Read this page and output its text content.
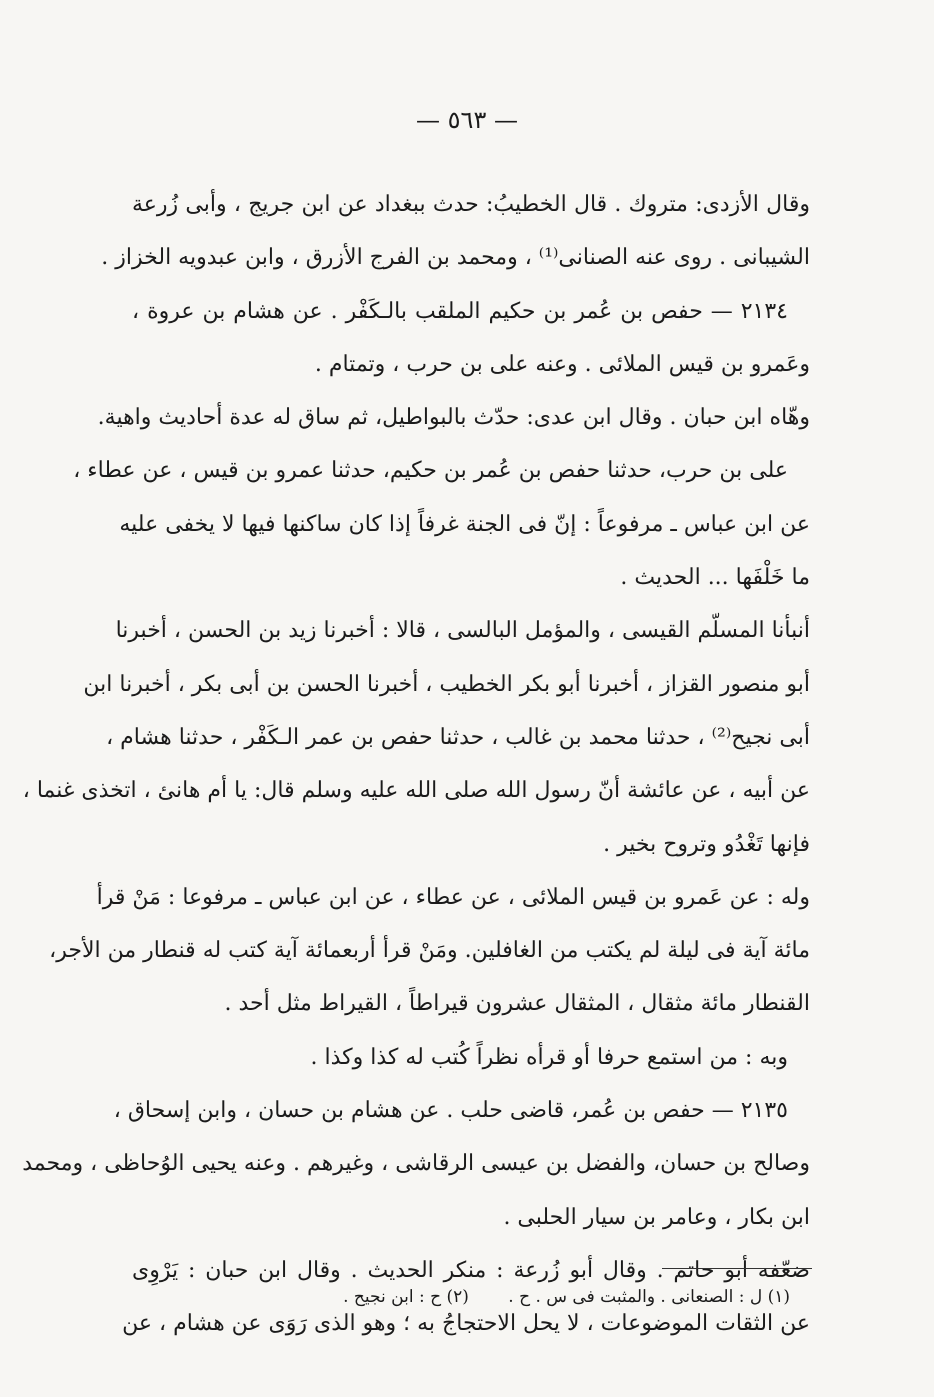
— ٥٦٣ —
وقال الأزدى: متروك . قال الخطيبُ: حدث ببغداد عن ابن جريج ، وأبى زُرعة
الشيبانى . روى عنه الصنانى⁽¹⁾ ، ومحمد بن الفرج الأزرق ، وابن عبدويه الخزاز .
٢١٣٤ — حفص بن عُمر بن حكيم الملقب بالـكَفْر . عن هشام بن عروة ،
وعَمرو بن قيس الملائى . وعنه على بن حرب ، وتمتام .
وهّاه ابن حبان . وقال ابن عدى: حدّث بالبواطيل، ثم ساق له عدة أحاديث واهية.
على بن حرب، حدثنا حفص بن عُمر بن حكيم، حدثنا عمرو بن قيس ، عن عطاء ،
عن ابن عباس ـ مرفوعاً : إنّ فى الجنة غرفاً إذا كان ساكنها فيها لا يخفى عليه
ما خَلْفَها ... الحديث .
أنبأنا المسلّم القيسى ، والمؤمل البالسى ، قالا : أخبرنا زيد بن الحسن ، أخبرنا
أبو منصور القزاز ، أخبرنا أبو بكر الخطيب ، أخبرنا الحسن بن أبى بكر ، أخبرنا ابن
أبى نجيح⁽²⁾ ، حدثنا محمد بن غالب ، حدثنا حفص بن عمر الـكَفْر ، حدثنا هشام ،
عن أبيه ، عن عائشة أنّ رسول الله صلى الله عليه وسلم قال: يا أم هانئ ، اتخذى غنما ،
فإنها تَغْدُو وتروح بخير .
وله : عن عَمرو بن قيس الملائى ، عن عطاء ، عن ابن عباس ـ مرفوعا : مَنْ قرأ
مائة آية فى ليلة لم يكتب من الغافلين. ومَنْ قرأ أربعمائة آية كتب له قنطار من الأجر،
القنطار مائة مثقال ، المثقال عشرون قيراطاً ، القيراط مثل أحد .
وبه : من استمع حرفا أو قرأه نظراً كُتب له كذا وكذا .
٢١٣٥ — حفص بن عُمر، قاضى حلب . عن هشام بن حسان ، وابن إسحاق ،
وصالح بن حسان، والفضل بن عيسى الرقاشى ، وغيرهم . وعنه يحيى الوُحاظى ، ومحمد
ابن بكار ، وعامر بن سيار الحلبى .
ضعّفه أبو حاتم . وقال أبو زُرعة : منكر الحديث . وقال ابن حبان : يَرْوِى
عن الثقات الموضوعات ، لا يحل الاحتجاجُ به ؛ وهو الذى رَوَى عن هشام ، عن
(١) ل : الصنعانى . والمثبت فى س . ح . (٢) ح : ابن نجيح .
